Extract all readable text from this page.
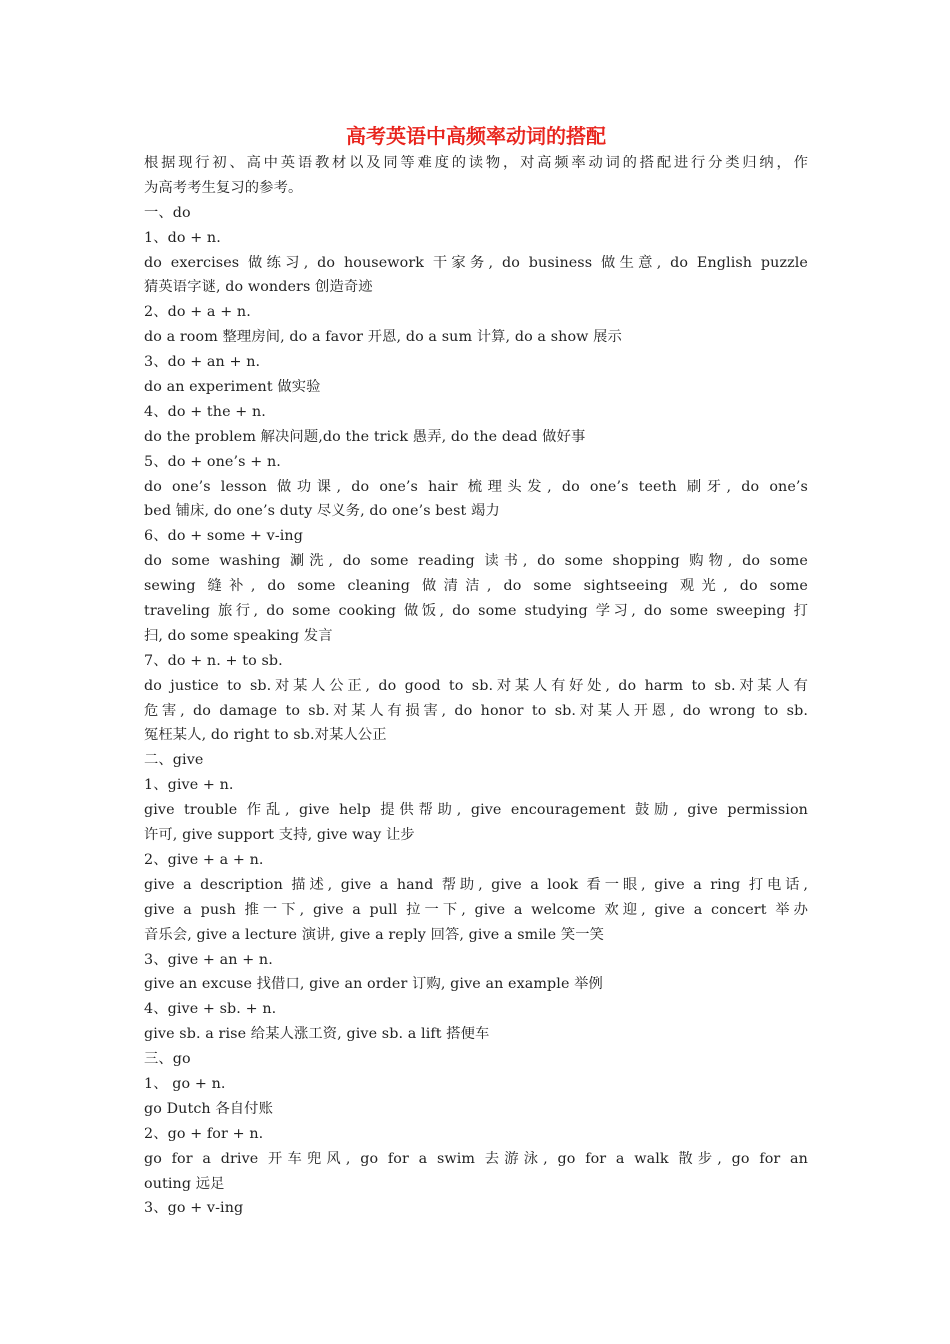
高考英语中高频率动词的搭配
根据现行初、高中英语教材以及同等难度的读物，对高频率动词的搭配进行分类归纳，作
为高考考生复习的参考。
一、do
1、do + n.
do exercises 做练习, do housework 干家务, do business 做生意, do English puzzle
猜英语字谜, do wonders 创造奇迹
2、do + a + n.
do a room 整理房间, do a favor 开恩, do a sum 计算, do a show 展示
3、do + an + n.
do an experiment 做实验
4、do + the + n.
do the problem 解决问题,do the trick 愚弄, do the dead 做好事
5、do + one’s + n.
do one’s lesson 做功课, do one’s hair 梳理头发, do one’s teeth 刷牙, do one’s
bed 铺床, do one’s duty 尽义务, do one’s best 竭力
6、do + some + v-ing
do some washing 涮洗, do some reading 读书, do some shopping 购物, do some
sewing 缝补, do some cleaning 做清洁, do some sightseeing 观光, do some
traveling 旅行, do some cooking 做饭, do some studying 学习, do some sweeping 打
扫, do some speaking 发言
7、do + n. + to sb.
do justice to sb.对某人公正, do good to sb.对某人有好处, do harm to sb.对某人有
危害, do damage to sb.对某人有损害, do honor to sb.对某人开恩, do wrong to sb.
冤枉某人, do right to sb.对某人公正
二、give
1、give + n.
give trouble 作乱, give help 提供帮助, give encouragement 鼓励, give permission
许可, give support 支持, give way 让步
2、give + a + n.
give a description 描述, give a hand 帮助, give a look 看一眼, give a ring 打电话,
give a push 推一下, give a pull 拉一下, give a welcome 欢迎, give a concert 举办
音乐会, give a lecture 演讲, give a reply 回答, give a smile 笑一笑
3、give + an + n.
give an excuse 找借口, give an order 订购, give an example 举例
4、give + sb. + n.
give sb. a rise 给某人涨工资, give sb. a lift 搭便车
三、go
1、 go + n.
go Dutch 各自付账
2、go + for + n.
go for a drive 开车兜风, go for a swim 去游泳, go for a walk 散步, go for an
outing 远足
3、go + v-ing
